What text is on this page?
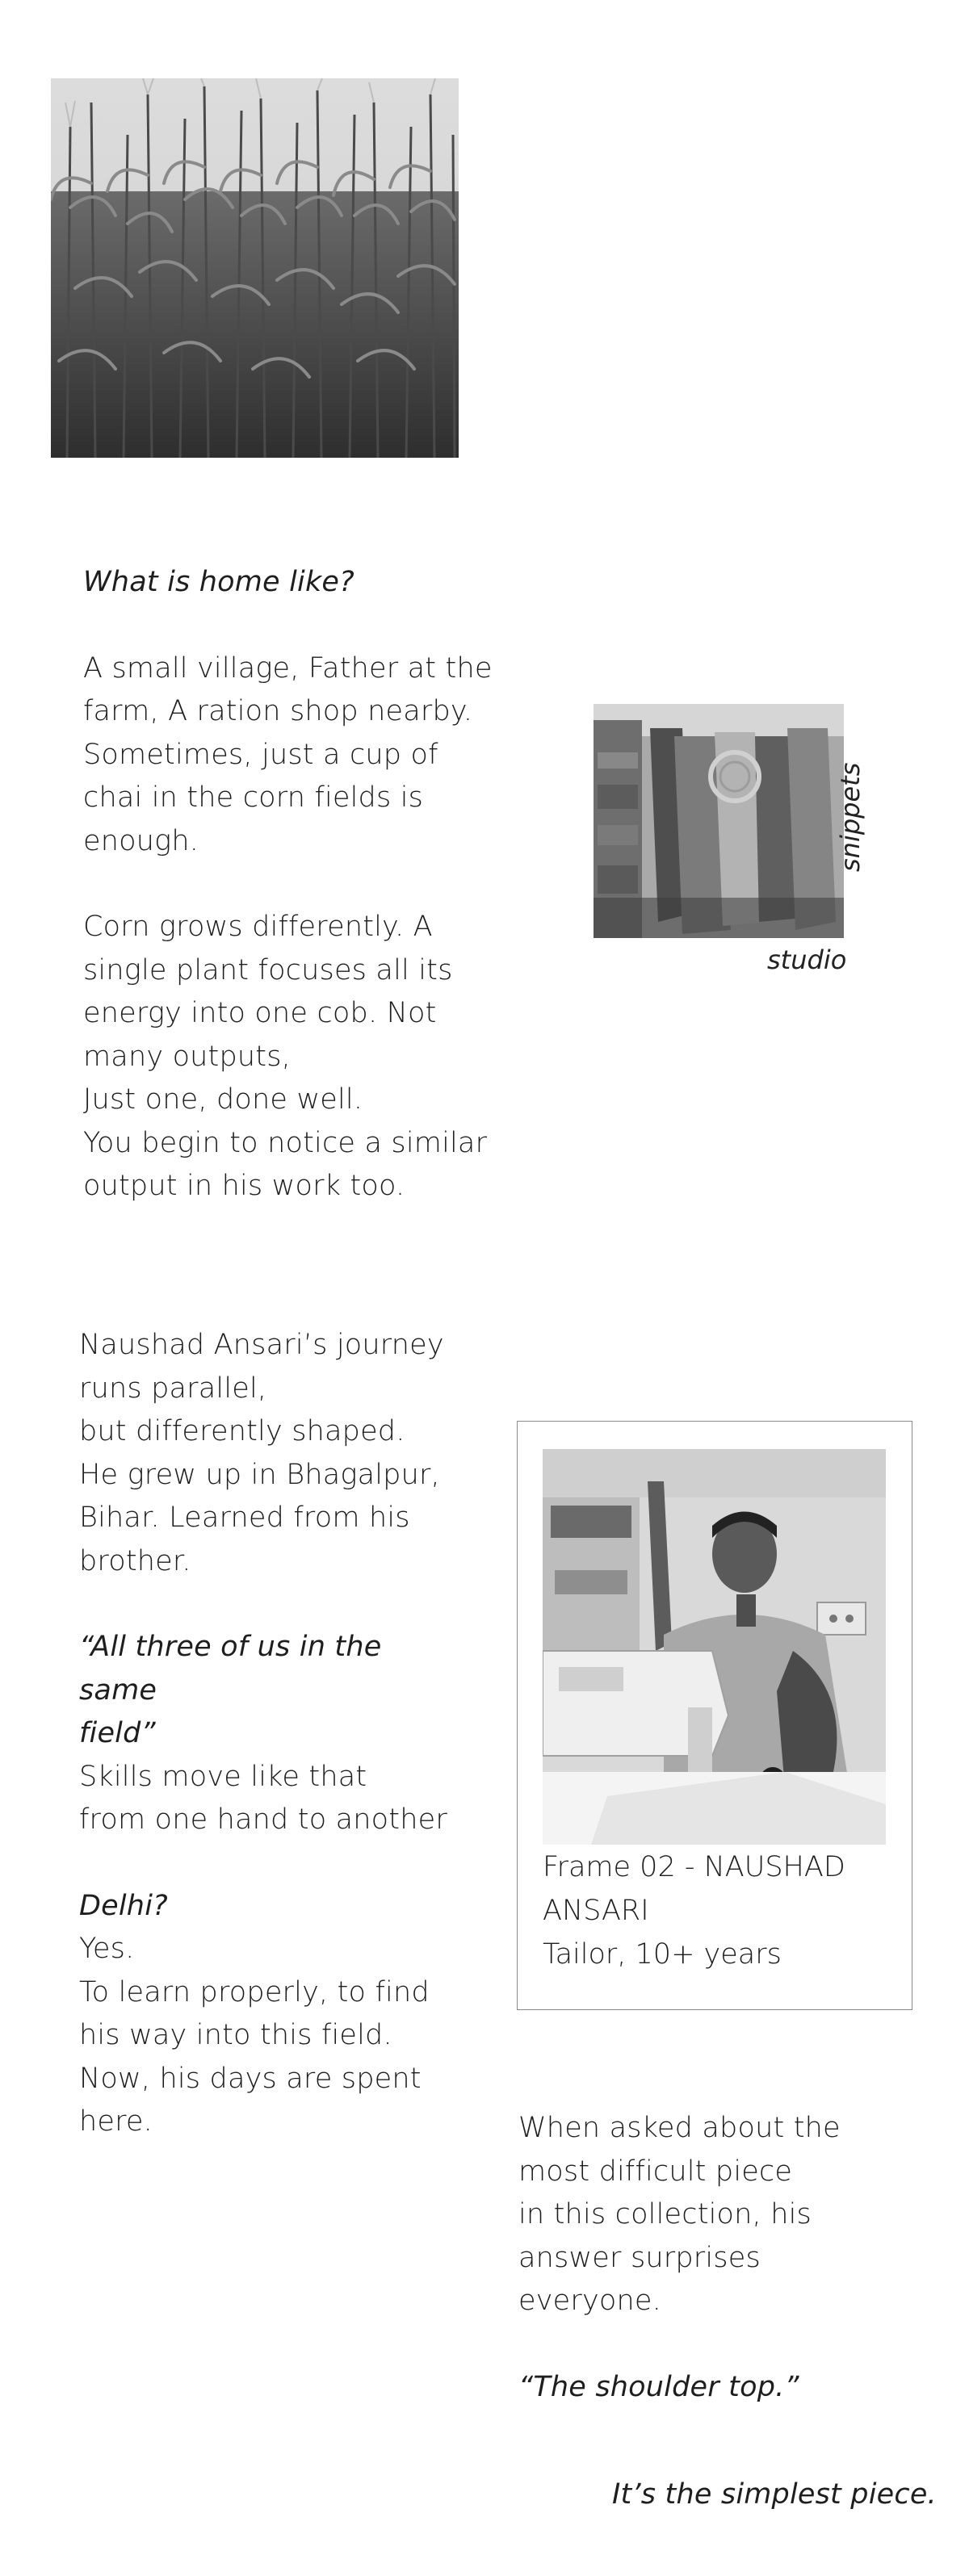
What is home like?

A small village, Father at the

farm, A ration shop nearby.

Sometimes, just a cup of

chai in the corn fields is

enough.

Corn grows differently. A

single plant focuses all its

energy into one cob. Not

many outputs,

Just one, done well.

You begin to notice a similar

output in his work too.

snippets
studio

Naushad Ansari’s journey

runs parallel,

but differently shaped.

He grew up in Bhagalpur,

Bihar. Learned from his

brother.

“All three of us in the

same

field”

Skills move like that

from one hand to another

Delhi?

Yes.

To learn properly, to find

his way into this field.

Now, his days are spent

here.

Frame 02 - NAUSHAD

ANSARI

Tailor, 10+ years

When asked about the

most difficult piece

in this collection, his

answer surprises

everyone.

“The shoulder top.”

It’s the simplest piece.
